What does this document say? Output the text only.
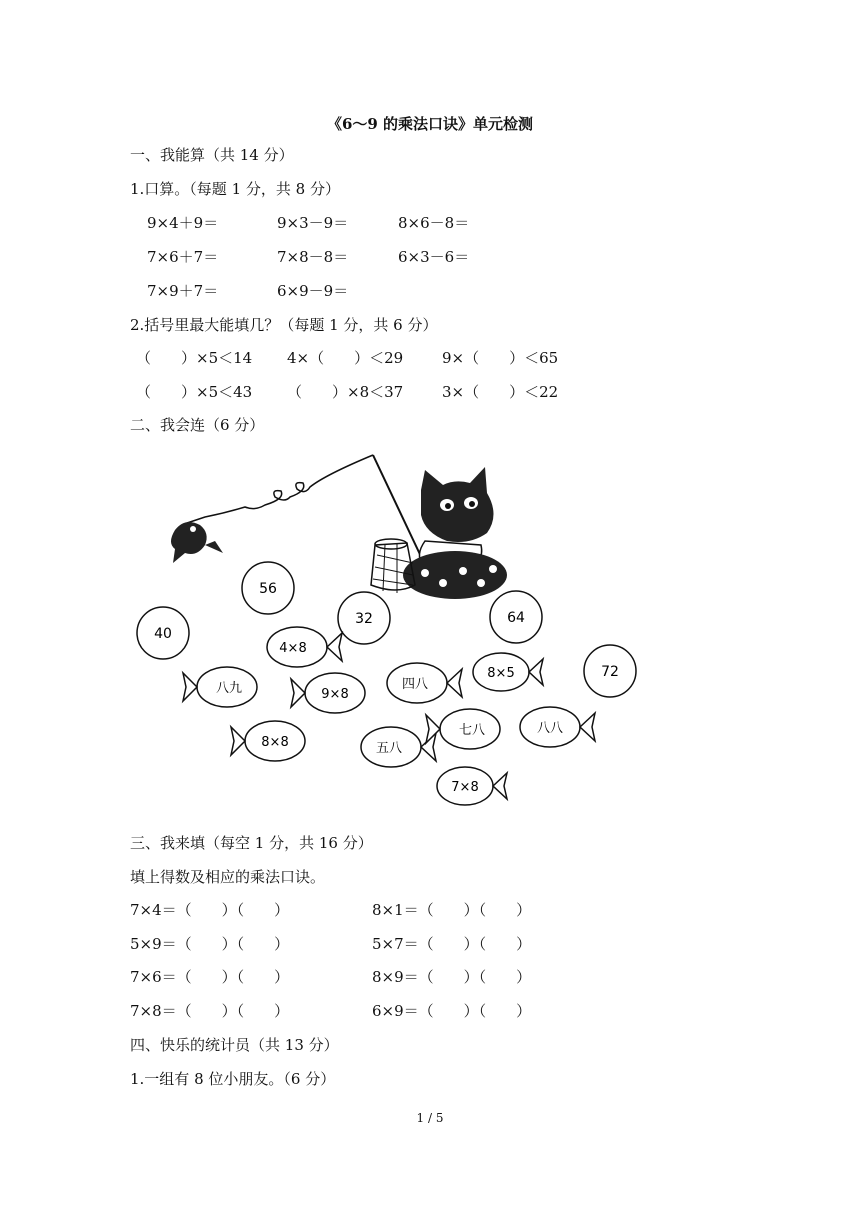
《6～9 的乘法口诀》单元检测
一、我能算（共 14 分）
1.口算。（每题 1 分，共 8 分）
9×4＋9＝	9×3－9＝	8×6－8＝
7×6＋7＝	7×8－8＝	6×3－6＝
7×9＋7＝	6×9－9＝
2.括号里最大能填几？（每题 1 分，共 6 分）
（　　）×5＜14 4×（　　）＜29	9×（　　）＜65
（　　）×5＜43 （　　）×8＜37	3×（　　）＜22
二、我会连（6 分）
56
32	64
40
72
4×8
八九	9×8
四八
8×5
8×8	五八
七八	八八
7×8
三、我来填（每空 1 分，共 16 分）
填上得数及相应的乘法口诀。
7×4＝（　　）（　　）	8×1＝（　　）（　　）
5×9＝（　　）（　　）	5×7＝（　　）（　　）
7×6＝（　　）（　　）	8×9＝（　　）（　　）
7×8＝（　　）（　　）	6×9＝（　　）（　　）
四、快乐的统计员（共 13 分）
1.一组有 8 位小朋友。（6 分）
1 / 5
